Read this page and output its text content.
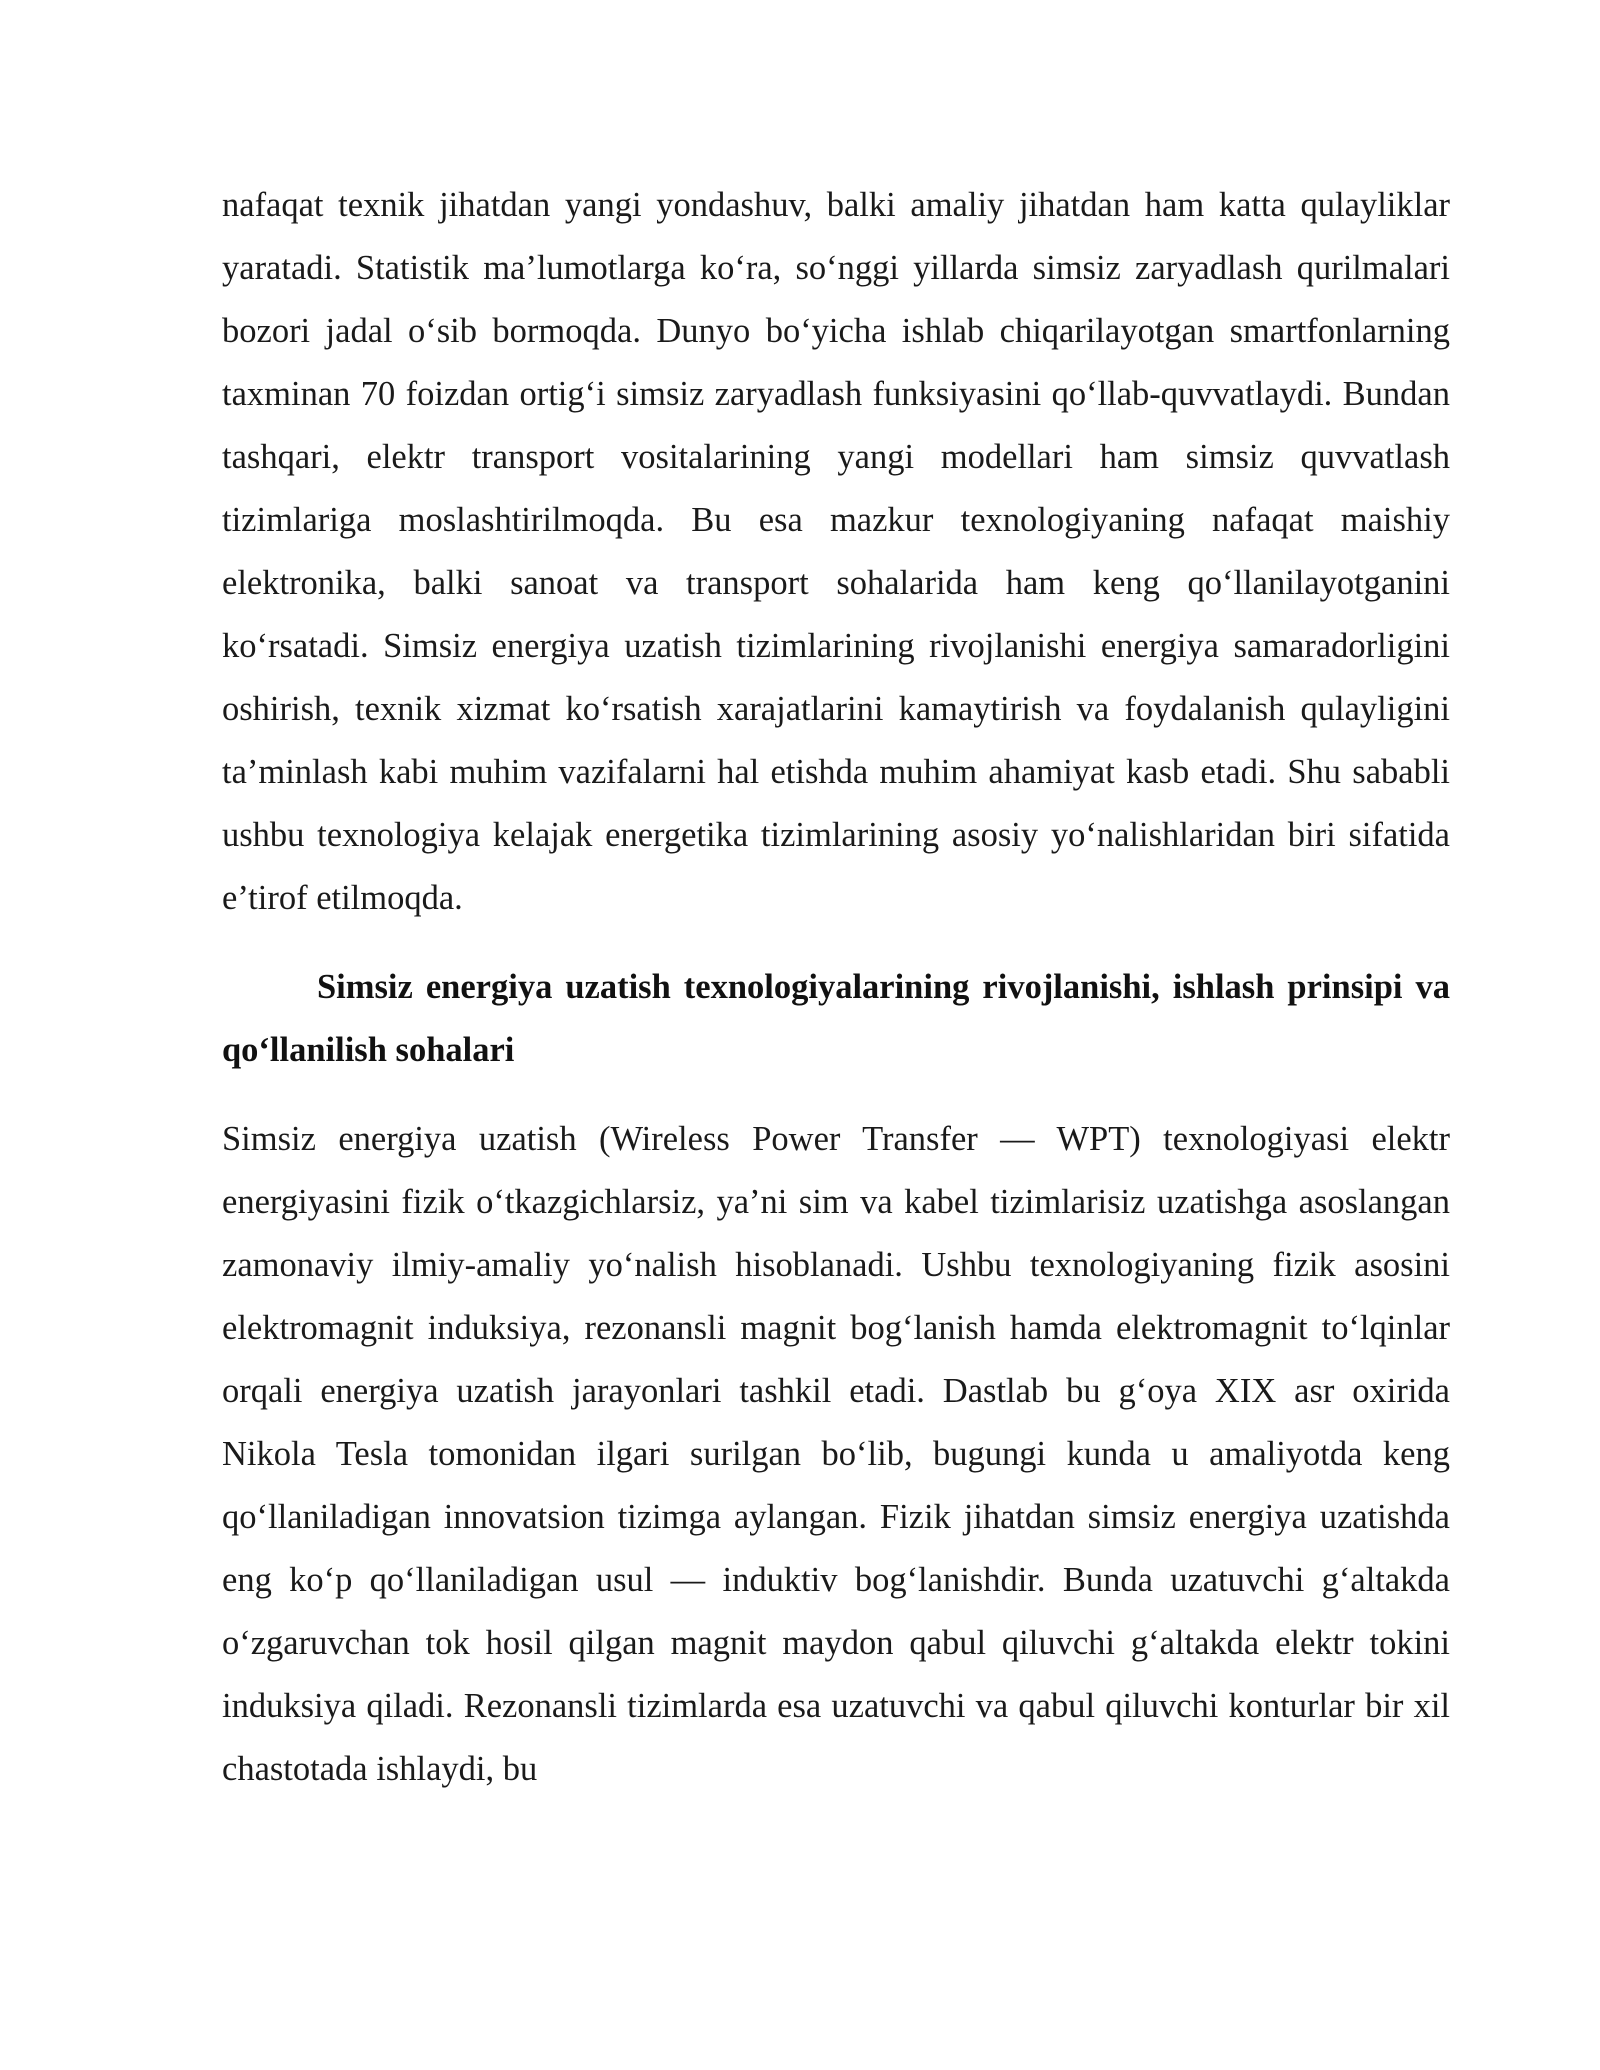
nafaqat texnik jihatdan yangi yondashuv, balki amaliy jihatdan ham katta qulayliklar yaratadi. Statistik ma’lumotlarga ko‘ra, so‘nggi yillarda simsiz zaryadlash qurilmalari bozori jadal o‘sib bormoqda. Dunyo bo‘yicha ishlab chiqarilayotgan smartfonlarning taxminan 70 foizdan ortig‘i simsiz zaryadlash funksiyasini qo‘llab-quvvatlaydi. Bundan tashqari, elektr transport vositalarining yangi modellari ham simsiz quvvatlash tizimlariga moslashtirilmoqda. Bu esa mazkur texnologiyaning nafaqat maishiy elektronika, balki sanoat va transport sohalarida ham keng qo‘llanilayotganini ko‘rsatadi. Simsiz energiya uzatish tizimlarining rivojlanishi energiya samaradorligini oshirish, texnik xizmat ko‘rsatish xarajatlarini kamaytirish va foydalanish qulayligini ta’minlash kabi muhim vazifalarni hal etishda muhim ahamiyat kasb etadi. Shu sababli ushbu texnologiya kelajak energetika tizimlarining asosiy yo‘nalishlaridan biri sifatida e’tirof etilmoqda.

Simsiz energiya uzatish texnologiyalarining rivojlanishi, ishlash prinsipi va qo‘llanilish sohalari

Simsiz energiya uzatish (Wireless Power Transfer — WPT) texnologiyasi elektr energiyasini fizik o‘tkazgichlarsiz, ya’ni sim va kabel tizimlarisiz uzatishga asoslangan zamonaviy ilmiy-amaliy yo‘nalish hisoblanadi. Ushbu texnologiyaning fizik asosini elektromagnit induksiya, rezonansli magnit bog‘lanish hamda elektromagnit to‘lqinlar orqali energiya uzatish jarayonlari tashkil etadi. Dastlab bu g‘oya XIX asr oxirida Nikola Tesla tomonidan ilgari surilgan bo‘lib, bugungi kunda u amaliyotda keng qo‘llaniladigan innovatsion tizimga aylangan. Fizik jihatdan simsiz energiya uzatishda eng ko‘p qo‘llaniladigan usul — induktiv bog‘lanishdir. Bunda uzatuvchi g‘altakda o‘zgaruvchan tok hosil qilgan magnit maydon qabul qiluvchi g‘altakda elektr tokini induksiya qiladi. Rezonansli tizimlarda esa uzatuvchi va qabul qiluvchi konturlar bir xil chastotada ishlaydi, bu
